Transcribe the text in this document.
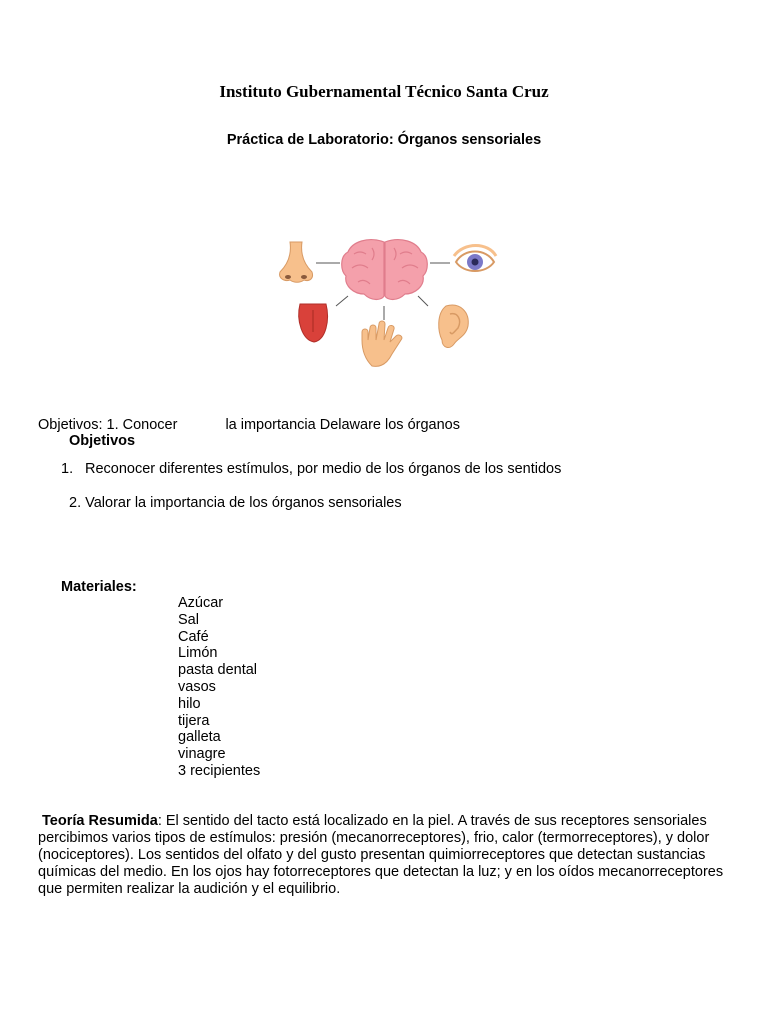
Instituto Gubernamental Técnico Santa Cruz
Práctica de Laboratorio: Órganos sensoriales
Objetivos: 1. Conocer	la importancia Delaware los órganos
Objetivos
1. Reconocer diferentes estímulos, por medio de los órganos de los sentidos
2. Valorar la importancia de los órganos sensoriales
Materiales:
Azúcar
Sal
Café
Limón
pasta dental
vasos
hilo
tijera
galleta
vinagre
3 recipientes
Teoría Resumida: El sentido del tacto está localizado en la piel. A través de sus receptores sensoriales percibimos varios tipos de estímulos: presión (mecanorreceptores), frio, calor (termorreceptores), y dolor (nociceptores). Los sentidos del olfato y del gusto presentan quimiorreceptores que detectan sustancias químicas del medio. En los ojos hay fotorreceptores que detectan la luz; y en los oídos mecanorreceptores que permiten realizar la audición y el equilibrio.
